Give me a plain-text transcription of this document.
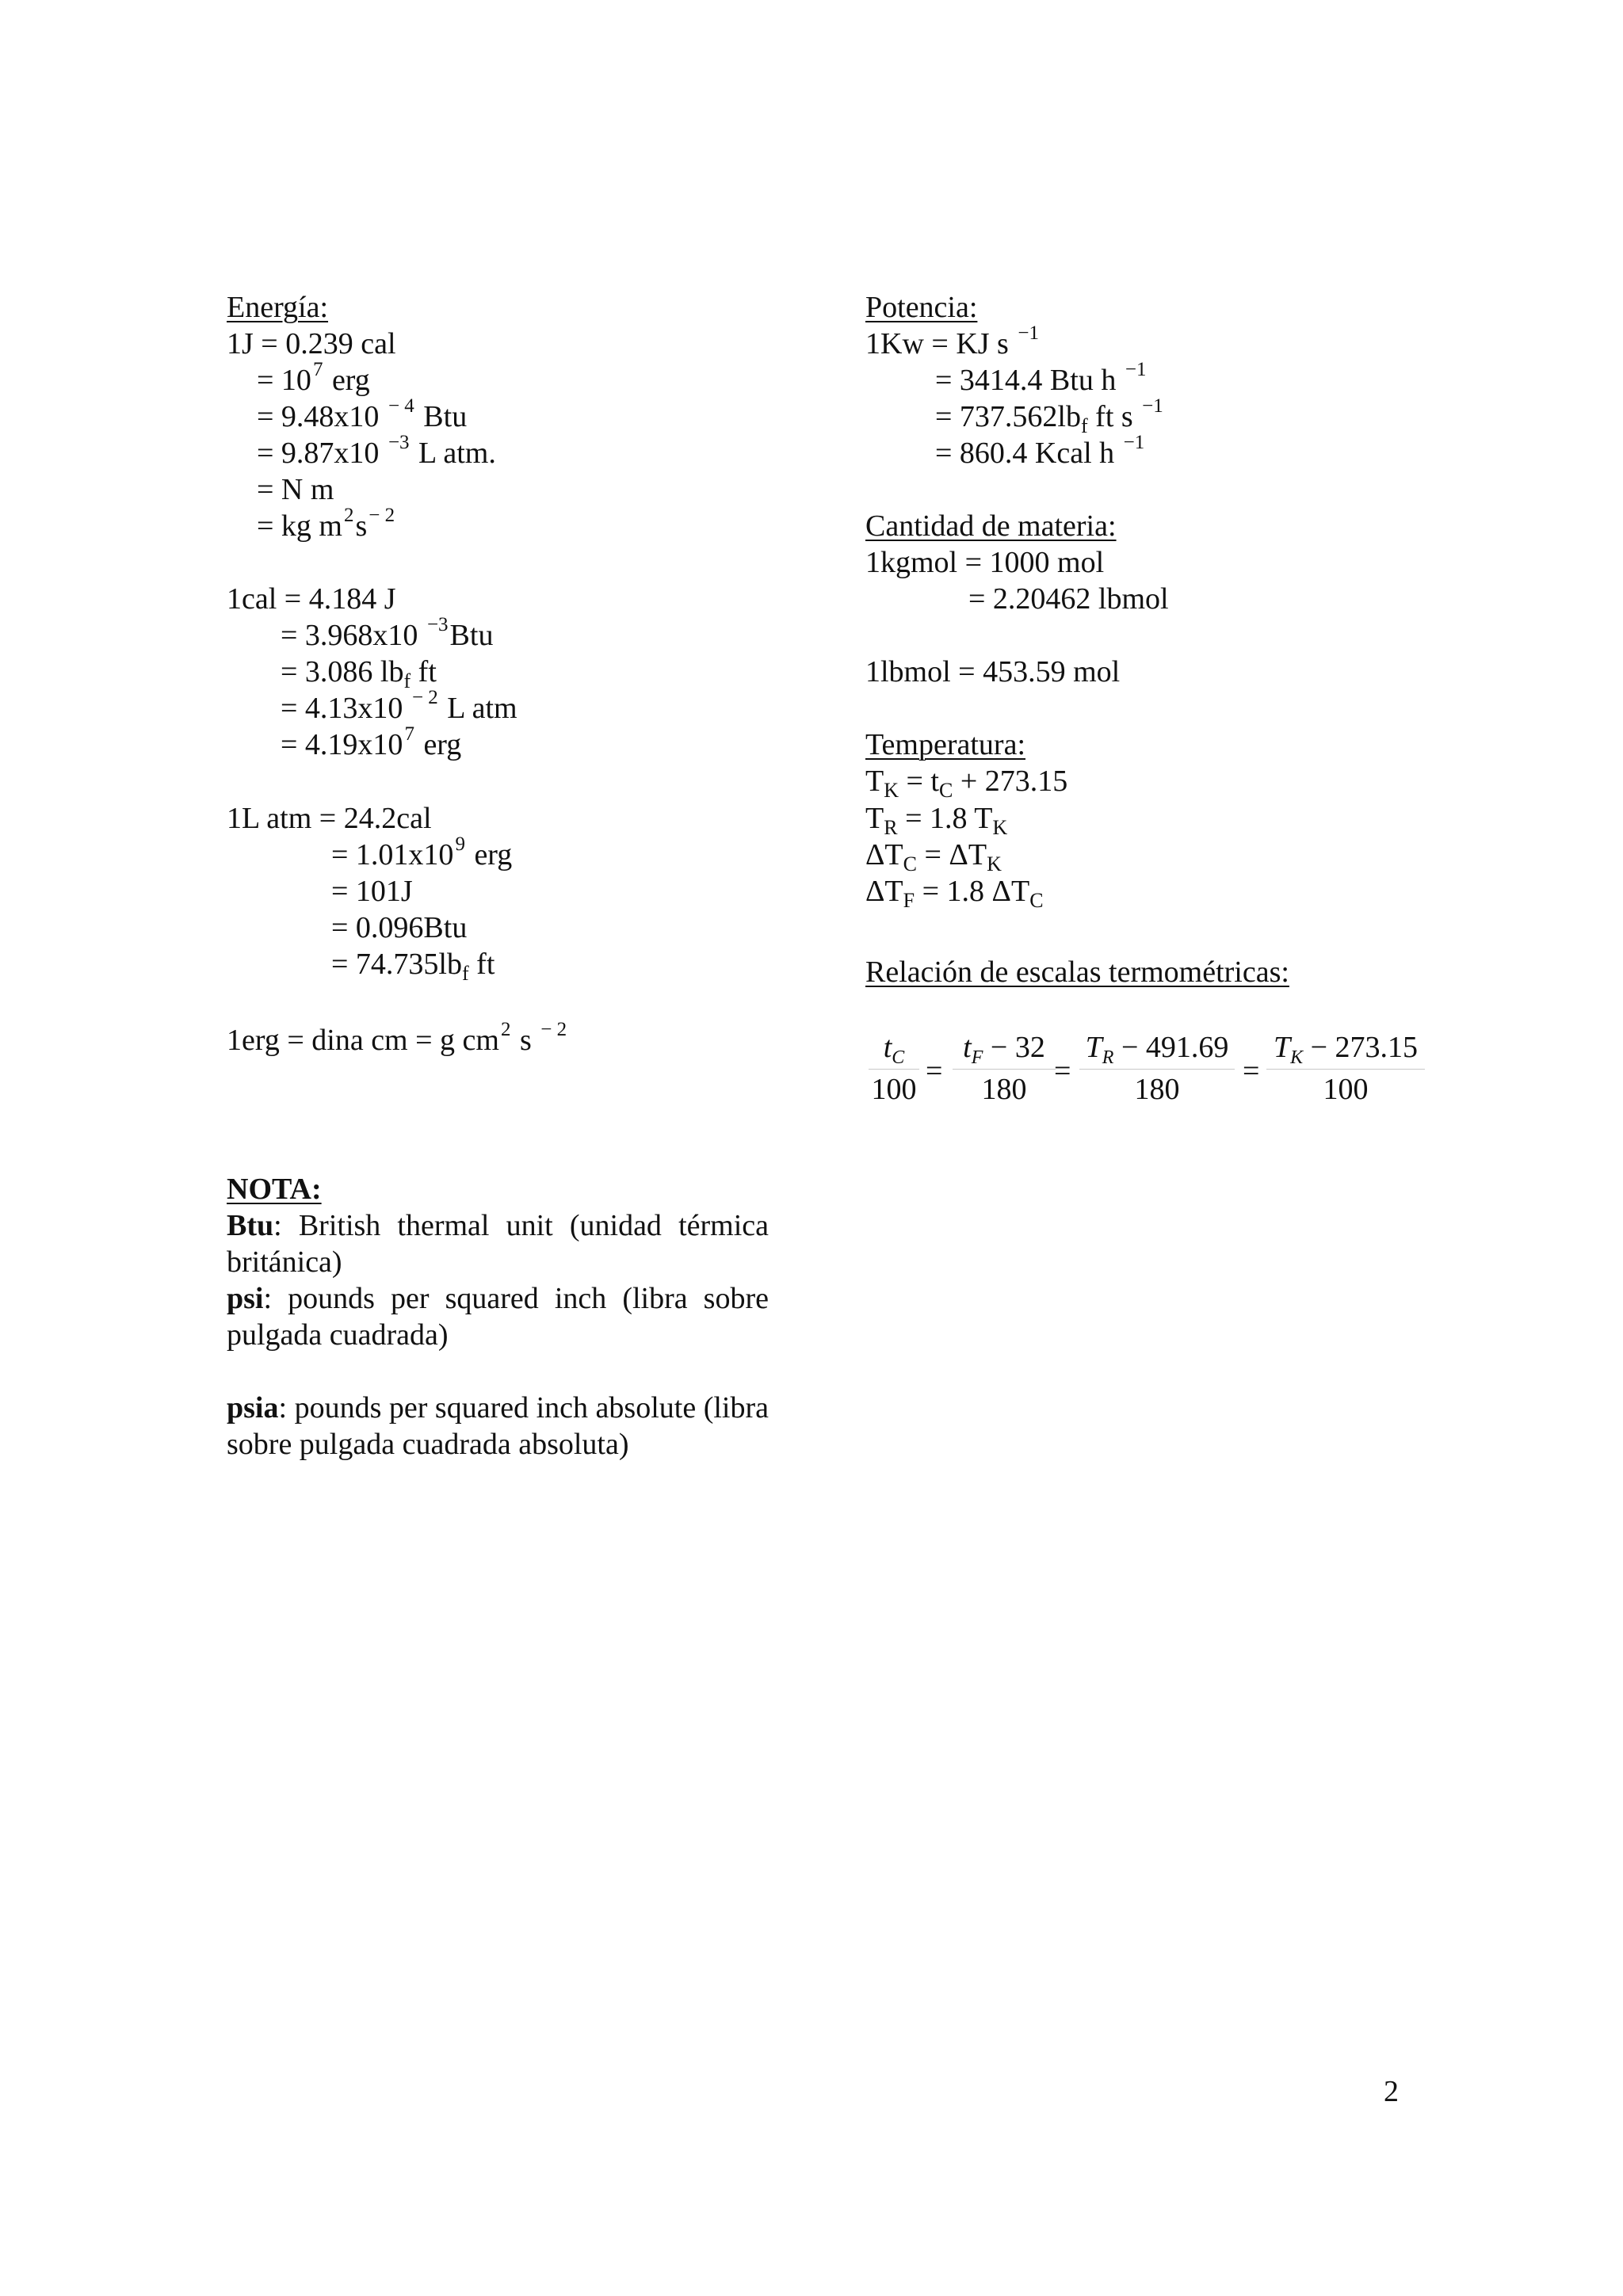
Energía:
1J = 0.239 cal
= $10^7$ erg
= 9.48x10 $^{- 4}$ Btu
= 9.87x10 $^{-3}$ L atm.
= N m
= kg $m^2s^{- 2}$
1cal = 4.184 J
= 3.968x10 $^{-3}$Btu
= 3.086 $lb_f$ ft
= 4.13x10 $^{- 2}$ L atm
= $4.19x10^7$ erg
1L atm = 24.2cal
= $1.01x10^9$ erg
= 101J
= 0.096Btu
= $74.735lb_f$ ft
1erg = dina cm = g $cm^2$ s $^{- 2}$
Potencia:
1Kw = KJ s $^{-1}$
= 3414.4 Btu h $^{-1}$
= $737.562lb_f$ ft s $^{-1}$
= 860.4 Kcal h $^{-1}$
Cantidad de materia:
1kgmol = 1000 mol
= 2.20462 lbmol
1lbmol = 453.59 mol
Temperatura:
$T_K = t_C + 273.15$
$T_R = 1.8$ $T_K$
$\Delta T_C = \Delta T_K$
$\Delta T_F = 1.8$ $\Delta T_C$
Relación de escalas termométricas:
$\frac{t_C}{100} = \frac{t_F - 32}{180}$
= $\frac{T_R - 491.69}{180} = \frac{T_K - 273.15}{100}$

NOTA:

Btu: British thermal unit (unidad térmica británica)

psi: pounds per squared inch (libra sobre pulgada cuadrada)

psia: pounds per squared inch absolute (libra sobre pulgada cuadrada absoluta)

2
